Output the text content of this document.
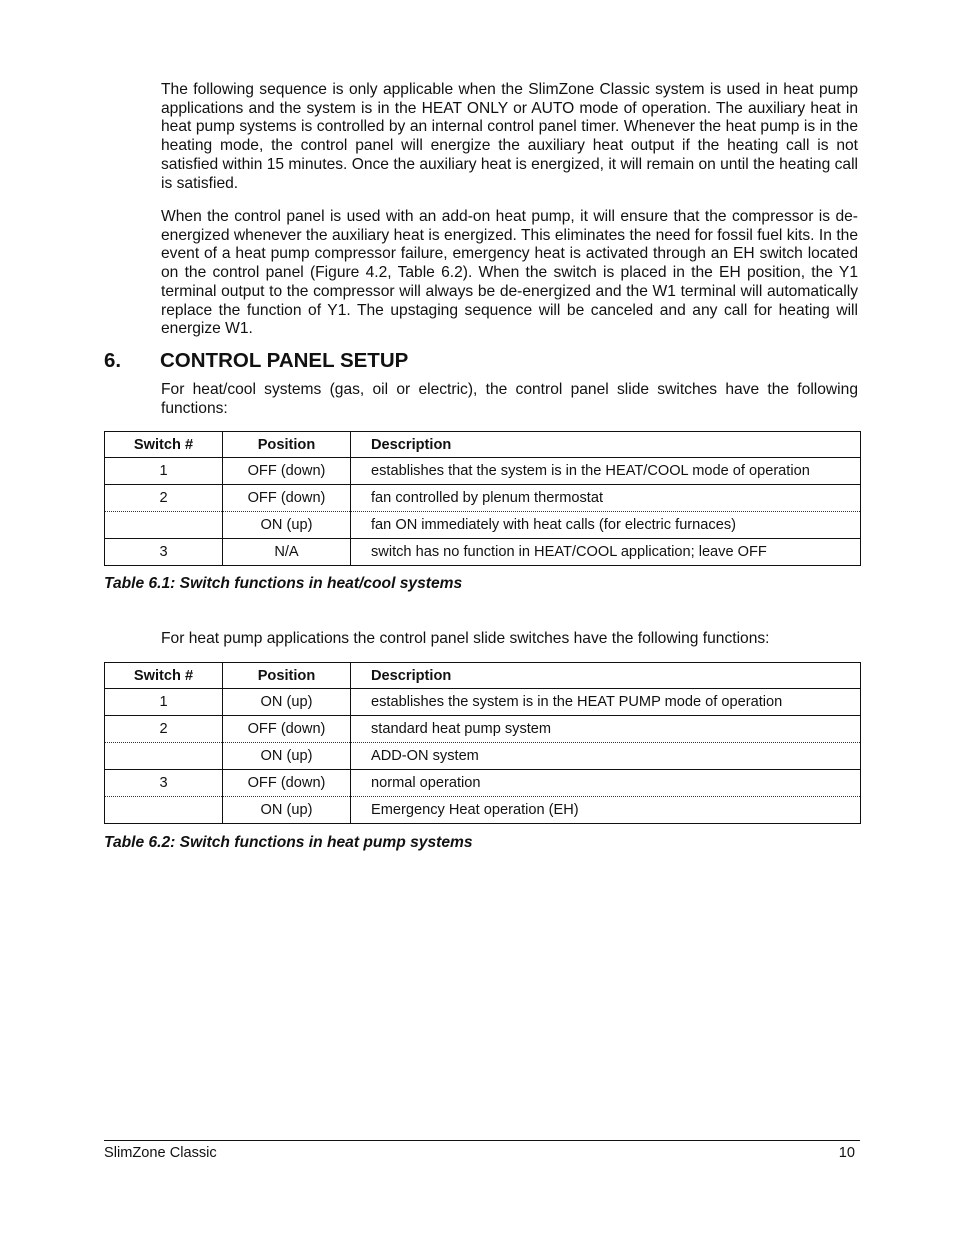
The following sequence is only applicable when the SlimZone Classic system is used in heat pump applications and the system is in the HEAT ONLY or AUTO mode of operation. The auxiliary heat in heat pump systems is controlled by an internal control panel timer. Whenever the heat pump is in the heating mode, the control panel will energize the auxiliary heat output if the heating call is not satisfied within 15 minutes. Once the auxiliary heat is energized, it will remain on until the heating call is satisfied.

When the control panel is used with an add-on heat pump, it will ensure that the compressor is de-energized whenever the auxiliary heat is energized. This eliminates the need for fossil fuel kits. In the event of a heat pump compressor failure, emergency heat is activated through an EH switch located on the control panel (Figure 4.2, Table 6.2). When the switch is placed in the EH position, the Y1 terminal output to the compressor will always be de-energized and the W1 terminal will automatically replace the function of Y1. The upstaging sequence will be canceled and any call for heating will energize W1.

6. CONTROL PANEL SETUP

For heat/cool systems (gas, oil or electric), the control panel slide switches have the following functions:

Switch #	Position	Description
1	OFF (down)	establishes that the system is in the HEAT/COOL mode of operation
2	OFF (down)	fan controlled by plenum thermostat
	ON (up)	fan ON immediately with heat calls (for electric furnaces)
3	N/A	switch has no function in HEAT/COOL application; leave OFF

Table 6.1: Switch functions in heat/cool systems

For heat pump applications the control panel slide switches have the following functions:

Switch #	Position	Description
1	ON (up)	establishes the system is in the HEAT PUMP mode of operation
2	OFF (down)	standard heat pump system
	ON (up)	ADD-ON system
3	OFF (down)	normal operation
	ON (up)	Emergency Heat operation (EH)

Table 6.2: Switch functions in heat pump systems

SlimZone Classic	10
